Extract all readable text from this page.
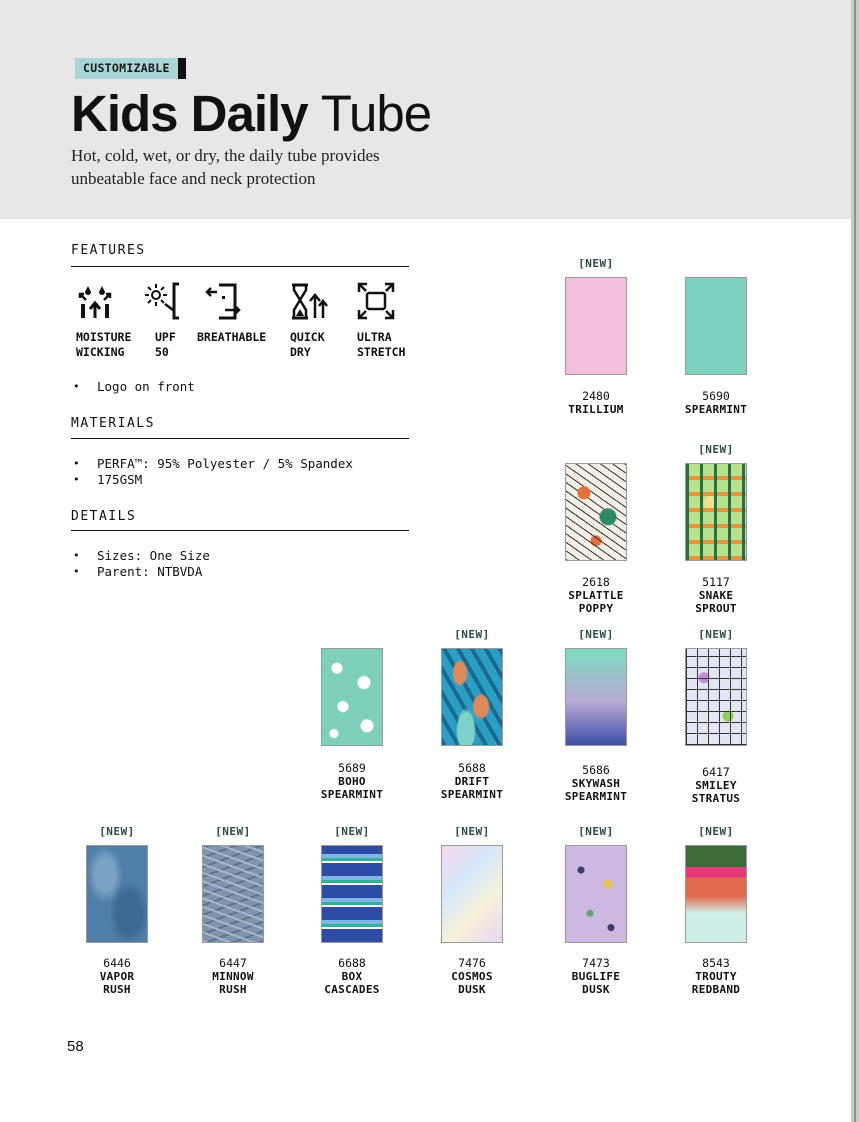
CUSTOMIZABLE
Kids Daily Tube
Hot, cold, wet, or dry, the daily tube provides
unbeatable face and neck protection
FEATURES
MOISTURE
WICKING
UPF
50
BREATHABLE QUICK
DRY
ULTRA
STRETCH
• Logo on front
MATERIALS
• PERFA™: 95% Polyester / 5% Spandex
• 175GSM
DETAILS
• Sizes: One Size
• Parent: NTBVDA
[NEW]
2480
TRILLIUM
5690
SPEARMINT
2618
SPLATTLE
POPPY
[NEW]
5117
SNAKE
SPROUT
5689
BOHO
SPEARMINT
[NEW]
5688
DRIFT
SPEARMINT
[NEW]
5686
SKYWASH
SPEARMINT
[NEW]
6417
SMILEY
STRATUS
[NEW]
6446
VAPOR
RUSH
[NEW]
6447
MINNOW
RUSH
[NEW]
6688
BOX
CASCADES
[NEW]
7476
COSMOS
DUSK
[NEW]
7473
BUGLIFE
DUSK
[NEW]
8543
TROUTY
REDBAND
58
